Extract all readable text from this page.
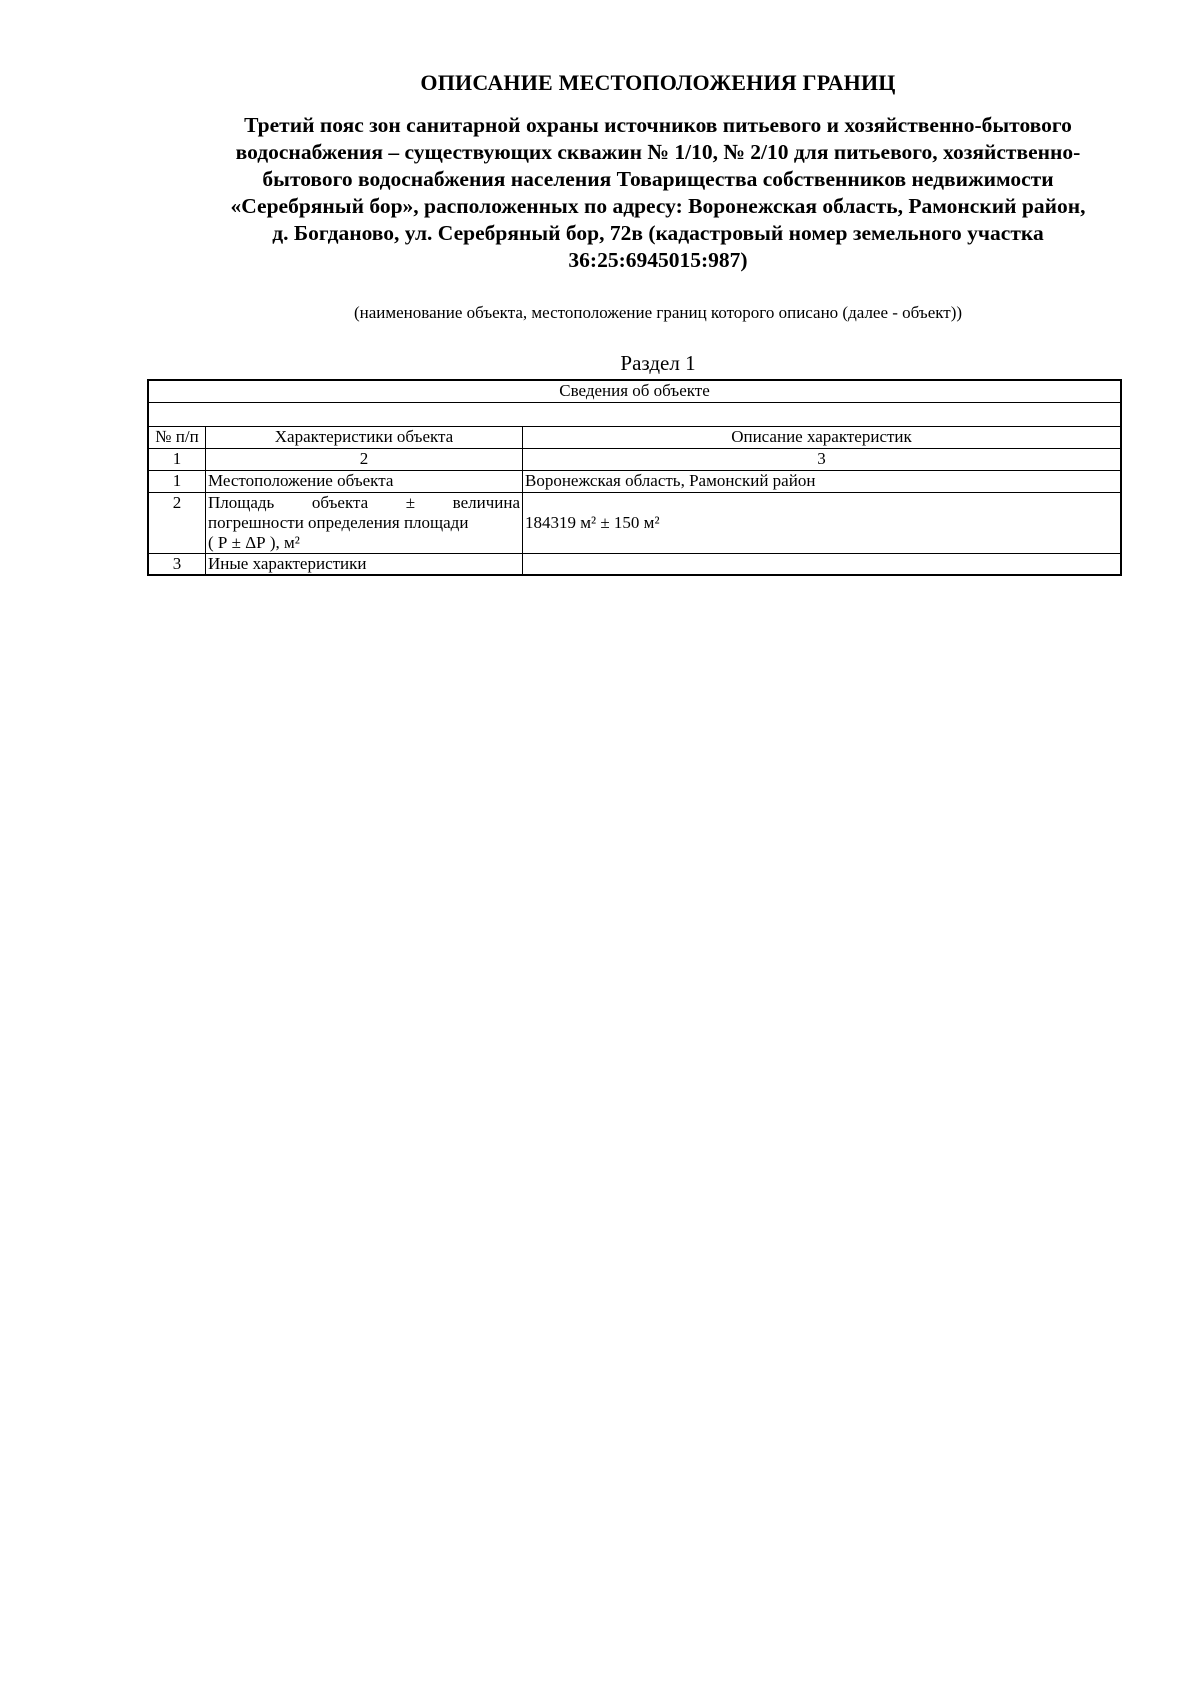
ОПИСАНИЕ МЕСТОПОЛОЖЕНИЯ ГРАНИЦ
Третий пояс зон санитарной охраны источников питьевого и хозяйственно-бытового
водоснабжения – существующих скважин № 1/10, № 2/10 для питьевого, хозяйственно-
бытового водоснабжения населения Товарищества собственников недвижимости
«Серебряный бор», расположенных по адресу: Воронежская область, Рамонский район,
д. Богданово, ул. Серебряный бор, 72в (кадастровый номер земельного участка
36:25:6945015:987)
(наименование объекта, местоположение границ которого описано (далее - объект))
Раздел 1
Сведения об объекте		

№ п/п	Характеристики объекта	Описание характеристик
1	2	3
1	Местоположение объекта	Воронежская область, Рамонский район
2	Площадь объекта ± величина
погрешности определения площади
( Р ± ΔР ), м²	184319 м² ± 150 м²
3	Иные характеристики	
